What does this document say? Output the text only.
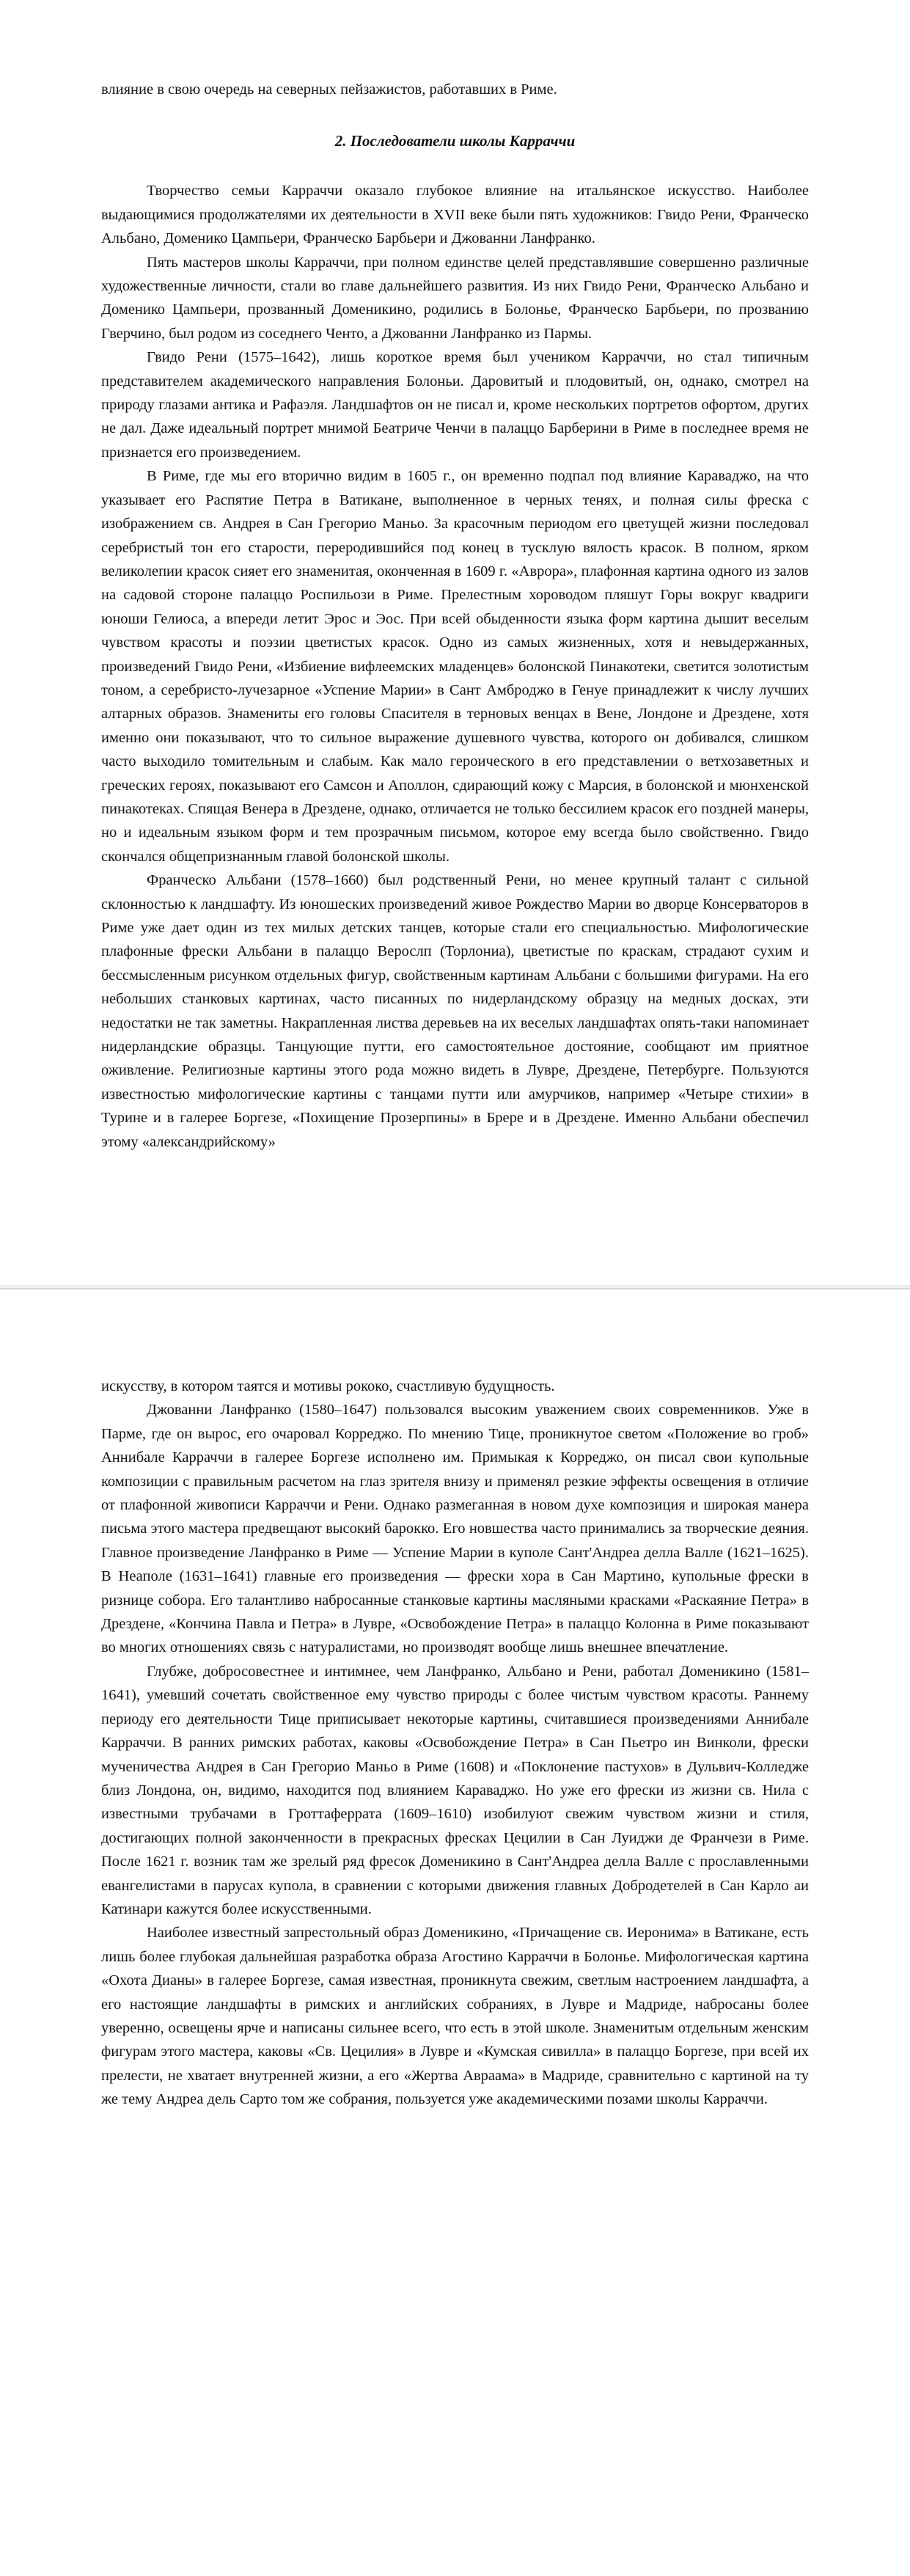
влияние в свою очередь на северных пейзажистов, работавших в Риме.

2. Последователи школы Карраччи

Творчество семьи Карраччи оказало глубокое влияние на итальянское искусство. Наиболее выдающимися продолжателями их деятельности в XVII веке были пять художников: Гвидо Рени, Франческо Альбано, Доменико Цампьери, Франческо Барбьери и Джованни Ланфранко.

Пять мастеров школы Карраччи, при полном единстве целей представлявшие совершенно различные художественные личности, стали во главе дальнейшего развития. Из них Гвидо Рени, Франческо Альбано и Доменико Цампьери, прозванный Доменикино, родились в Болонье, Франческо Барбьери, по прозванию Гверчино, был родом из соседнего Ченто, а Джованни Ланфранко из Пармы.

Гвидо Рени (1575–1642), лишь короткое время был учеником Карраччи, но стал типичным представителем академического направления Болоньи. Даровитый и плодовитый, он, однако, смотрел на природу глазами антика и Рафаэля. Ландшафтов он не писал и, кроме нескольких портретов офортом, других не дал. Даже идеальный портрет мнимой Беатриче Ченчи в палаццо Барберини в Риме в последнее время не признается его произведением.

В Риме, где мы его вторично видим в 1605 г., он временно подпал под влияние Караваджо, на что указывает его Распятие Петра в Ватикане, выполненное в черных тенях, и полная силы фреска с изображением св. Андрея в Сан Грегорио Маньо. За красочным периодом его цветущей жизни последовал серебристый тон его старости, переродившийся под конец в тусклую вялость красок. В полном, ярком великолепии красок сияет его знаменитая, оконченная в 1609 г. «Аврора», плафонная картина одного из залов на садовой стороне палаццо Роспильози в Риме. Прелестным хороводом пляшут Горы вокруг квадриги юноши Гелиоса, а впереди летит Эрос и Эос. При всей обыденности языка форм картина дышит веселым чувством красоты и поэзии цветистых красок. Одно из самых жизненных, хотя и невыдержанных, произведений Гвидо Рени, «Избиение вифлеемских младенцев» болонской Пинакотеки, светится золотистым тоном, а серебристо-лучезарное «Успение Марии» в Сант Амброджо в Генуе принадлежит к числу лучших алтарных образов. Знамениты его головы Спасителя в терновых венцах в Вене, Лондоне и Дрездене, хотя именно они показывают, что то сильное выражение душевного чувства, которого он добивался, слишком часто выходило томительным и слабым. Как мало героического в его представлении о ветхозаветных и греческих героях, показывают его Самсон и Аполлон, сдирающий кожу с Марсия, в болонской и мюнхенской пинакотеках. Спящая Венера в Дрездене, однако, отличается не только бессилием красок его поздней манеры, но и идеальным языком форм и тем прозрачным письмом, которое ему всегда было свойственно. Гвидо скончался общепризнанным главой болонской школы.

Франческо Альбани (1578–1660) был родственный Рени, но менее крупный талант с сильной склонностью к ландшафту. Из юношеских произведений живое Рождество Марии во дворце Консерваторов в Риме уже дает один из тех милых детских танцев, которые стали его специальностью. Мифологические плафонные фрески Альбани в палаццо Верослп (Торлониа), цветистые по краскам, страдают сухим и бессмысленным рисунком отдельных фигур, свойственным картинам Альбани с большими фигурами. На его небольших станковых картинах, часто писанных по нидерландскому образцу на медных досках, эти недостатки не так заметны. Накрапленная листва деревьев на их веселых ландшафтах опять-таки напоминает нидерландские образцы. Танцующие путти, его самостоятельное достояние, сообщают им приятное оживление. Религиозные картины этого рода можно видеть в Лувре, Дрездене, Петербурге. Пользуются известностью мифологические картины с танцами путти или амурчиков, например «Четыре стихии» в Турине и в галерее Боргезе, «Похищение Прозерпины» в Брере и в Дрездене. Именно Альбани обеспечил этому «александрийскому»

искусству, в котором таятся и мотивы рококо, счастливую будущность.

Джованни Ланфранко (1580–1647) пользовался высоким уважением своих современников. Уже в Парме, где он вырос, его очаровал Корреджо. По мнению Тице, проникнутое светом «Положение во гроб» Аннибале Карраччи в галерее Боргезе исполнено им. Примыкая к Корреджо, он писал свои купольные композиции с правильным расчетом на глаз зрителя внизу и применял резкие эффекты освещения в отличие от плафонной живописи Карраччи и Рени. Однако размеганная в новом духе композиция и широкая манера письма этого мастера предвещают высокий барокко. Его новшества часто принимались за творческие деяния. Главное произведение Ланфранко в Риме — Успение Марии в куполе Сант'Андреа делла Валле (1621–1625). В Неаполе (1631–1641) главные его произведения — фрески хора в Сан Мартино, купольные фрески в ризнице собора. Его талантливо набросанные станковые картины масляными красками «Раскаяние Петра» в Дрездене, «Кончина Павла и Петра» в Лувре, «Освобождение Петра» в палаццо Колонна в Риме показывают во многих отношениях связь с натуралистами, но производят вообще лишь внешнее впечатление.

Глубже, добросовестнее и интимнее, чем Ланфранко, Альбано и Рени, работал Доменикино (1581–1641), умевший сочетать свойственное ему чувство природы с более чистым чувством красоты. Раннему периоду его деятельности Тице приписывает некоторые картины, считавшиеся произведениями Аннибале Карраччи. В ранних римских работах, каковы «Освобождение Петра» в Сан Пьетро ин Винколи, фрески мученичества Андрея в Сан Грегорио Маньо в Риме (1608) и «Поклонение пастухов» в Дульвич-Колледже близ Лондона, он, видимо, находится под влиянием Караваджо. Но уже его фрески из жизни св. Нила с известными трубачами в Гроттаферрата (1609–1610) изобилуют свежим чувством жизни и стиля, достигающих полной законченности в прекрасных фресках Цецилии в Сан Луиджи де Франчези в Риме. После 1621 г. возник там же зрелый ряд фресок Доменикино в Сант'Андреа делла Валле с прославленными евангелистами в парусах купола, в сравнении с которыми движения главных Добродетелей в Сан Карло аи Катинари кажутся более искусственными.

Наиболее известный запрестольный образ Доменикино, «Причащение св. Иеронима» в Ватикане, есть лишь более глубокая дальнейшая разработка образа Агостино Карраччи в Болонье. Мифологическая картина «Охота Дианы» в галерее Боргезе, самая известная, проникнута свежим, светлым настроением ландшафта, а его настоящие ландшафты в римских и английских собраниях, в Лувре и Мадриде, набросаны более уверенно, освещены ярче и написаны сильнее всего, что есть в этой школе. Знаменитым отдельным женским фигурам этого мастера, каковы «Св. Цецилия» в Лувре и «Кумская сивилла» в палаццо Боргезе, при всей их прелести, не хватает внутренней жизни, а его «Жертва Авраама» в Мадриде, сравнительно с картиной на ту же тему Андреа дель Сарто том же собрания, пользуется уже академическими позами школы Карраччи.
